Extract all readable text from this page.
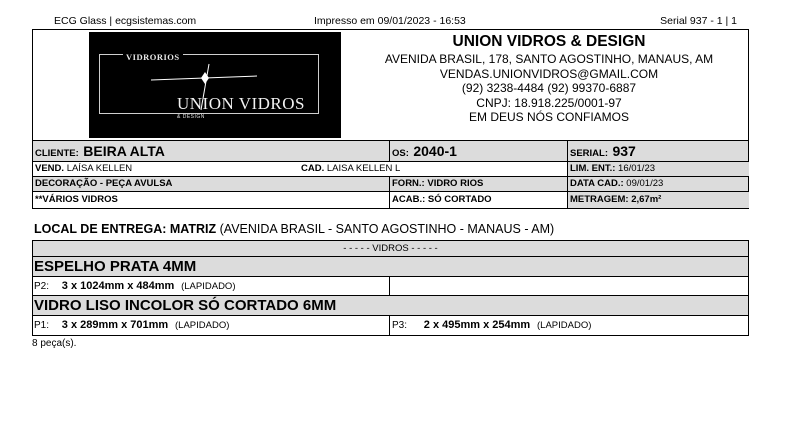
ECG Glass | ecgsistemas.com	Impresso em 09/01/2023 - 16:53	Serial 937 - 1 | 1
VIDRORIOS
UNION VIDROS
& DESIGN
UNION VIDROS & DESIGN
AVENIDA BRASIL, 178, SANTO AGOSTINHO, MANAUS, AM
VENDAS.UNIONVIDROS@GMAIL.COM
(92) 3238-4484 (92) 99370-6887
CNPJ: 18.918.225/0001-97
EM DEUS NÓS CONFIAMOS
CLIENTE: BEIRA ALTA	OS: 2040-1	SERIAL: 937
VEND. LAÍSA KELLEN	CAD. LAISA KELLEN L	LIM. ENT.: 16/01/23
DECORAÇÃO - PEÇA AVULSA	FORN.: VIDRO RIOS	DATA CAD.: 09/01/23
**VÁRIOS VIDROS	ACAB.: SÓ CORTADO	METRAGEM: 2,67m²
LOCAL DE ENTREGA: MATRIZ (AVENIDA BRASIL - SANTO AGOSTINHO - MANAUS - AM)
- - - - - VIDROS - - - - -
ESPELHO PRATA 4MM
P2: 3 x 1024mm x 484mm (LAPIDADO)
VIDRO LISO INCOLOR SÓ CORTADO 6MM
P1: 3 x 289mm x 701mm (LAPIDADO)	P3: 2 x 495mm x 254mm (LAPIDADO)
8 peça(s).
